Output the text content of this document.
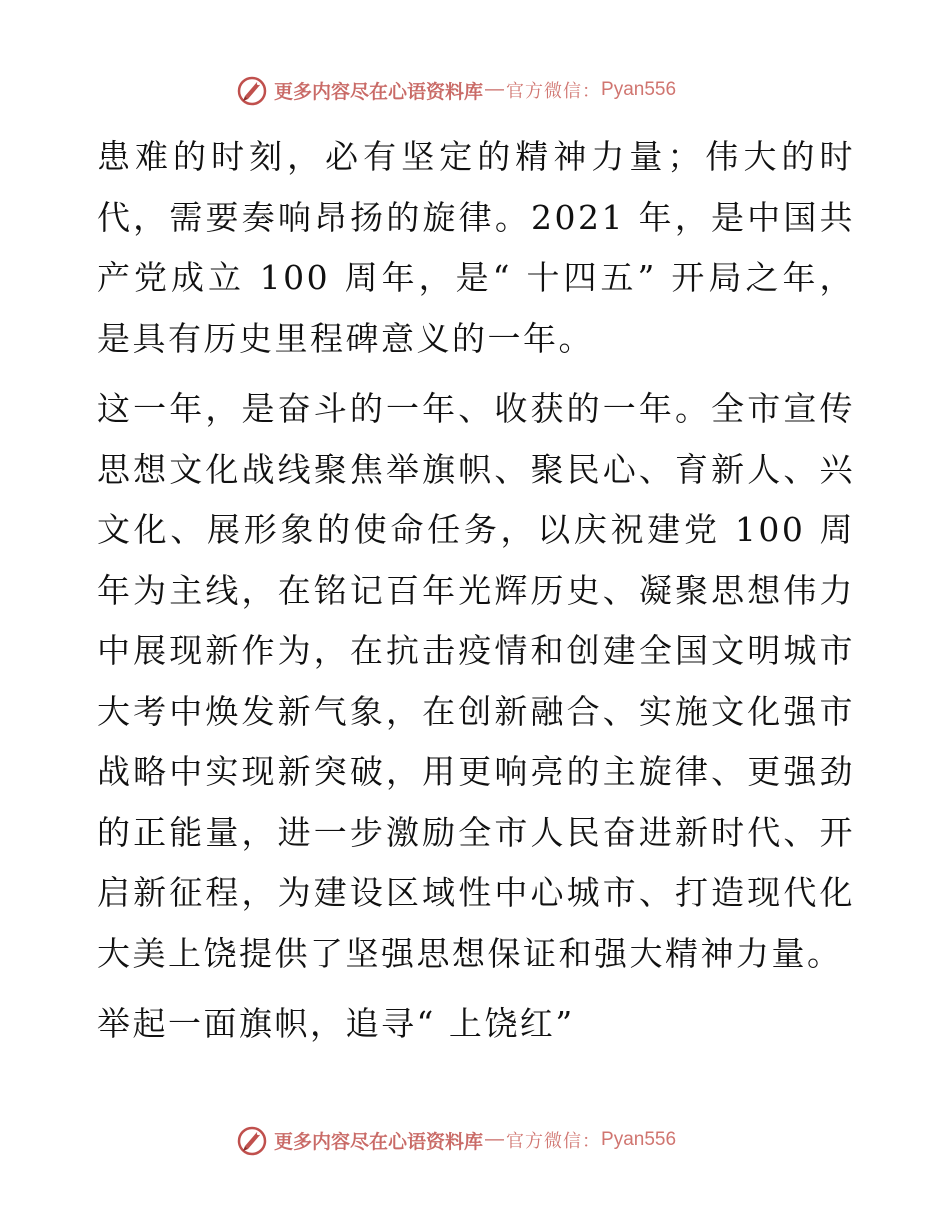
更多内容尽在心语资料库 — 官方微信： Pyan556

患难的时刻，必有坚定的精神力量；伟大的时代，需要奏响昂扬的旋律。2021 年，是中国共产党成立 100 周年，是“ 十四五” 开局之年，是具有历史里程碑意义的一年。

这一年，是奋斗的一年、收获的一年。全市宣传思想文化战线聚焦举旗帜、聚民心、育新人、兴文化、展形象的使命任务，以庆祝建党 100 周年为主线，在铭记百年光辉历史、凝聚思想伟力中展现新作为，在抗击疫情和创建全国文明城市大考中焕发新气象，在创新融合、实施文化强市战略中实现新突破，用更响亮的主旋律、更强劲的正能量，进一步激励全市人民奋进新时代、开启新征程，为建设区域性中心城市、打造现代化大美上饶提供了坚强思想保证和强大精神力量。

举起一面旗帜，追寻“ 上饶红”

更多内容尽在心语资料库 — 官方微信： Pyan556
